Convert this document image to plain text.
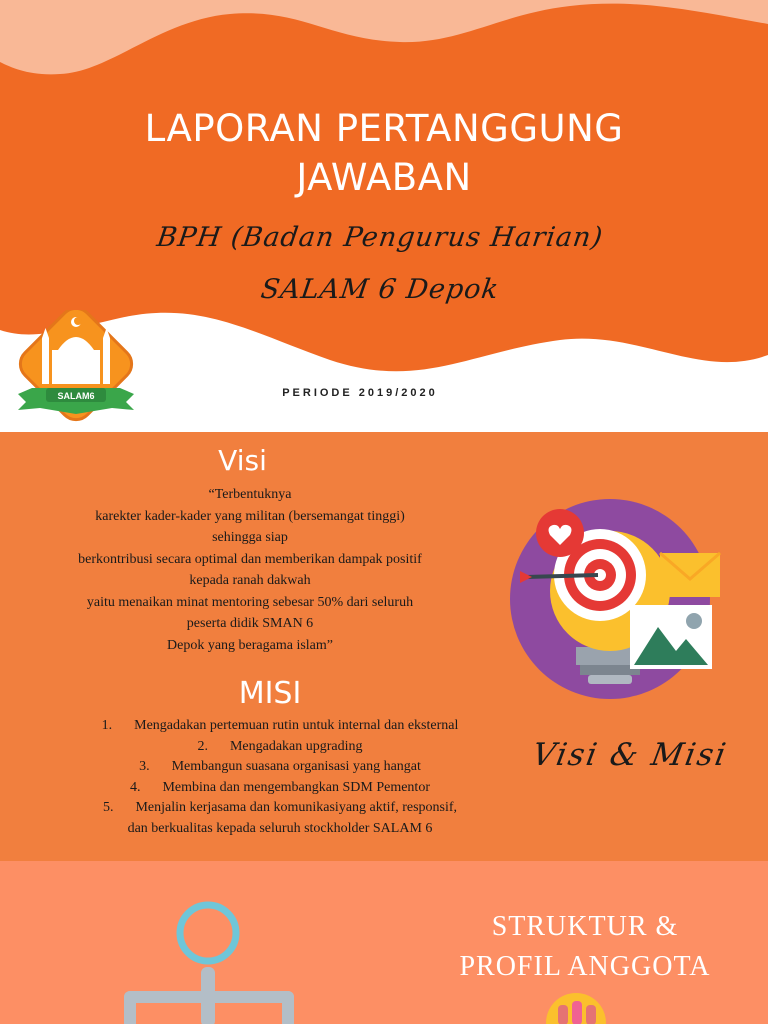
LAPORAN PERTANGGUNG
JAWABAN
BPH (Badan Pengurus Harian)
SALAM 6 Depok
SALAM6	PERIODE 2019/2020
Visi
“Terbentuknya
karekter kader-kader yang militan (bersemangat tinggi)
sehingga siap
berkontribusi secara optimal dan memberikan dampak positif
kepada ranah dakwah
yaitu menaikan minat mentoring sebesar 50% dari seluruh
peserta didik SMAN 6
Depok yang beragama islam”
MISI
1. Mengadakan pertemuan rutin untuk internal dan eksternal
2. Mengadakan upgrading
3. Membangun suasana organisasi yang hangat
4. Membina dan mengembangkan SDM Pementor
5. Menjalin kerjasama dan komunikasiyang aktif, responsif,
dan berkualitas kepada seluruh stockholder SALAM 6
Visi & Misi
STRUKTUR &
PROFIL ANGGOTA
